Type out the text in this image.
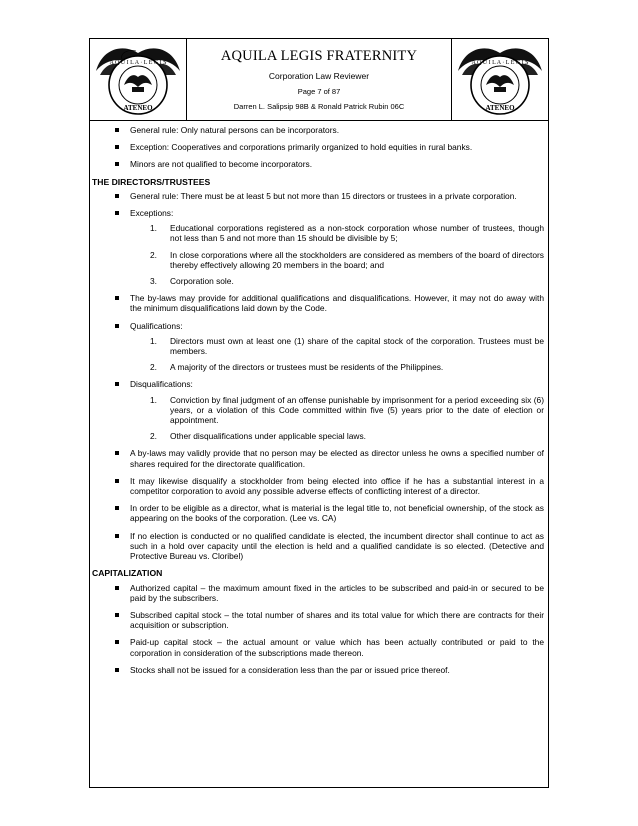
A Q U I L A · L E G I S
ATENEO
AQUILA LEGIS FRATERNITY
Corporation Law Reviewer
Page 7 of 87
Darren L. Salipsip 98B & Ronald Patrick Rubin 06C
A Q U I L A · L E G I S
ATENEO
General rule: Only natural persons can be incorporators.
Exception: Cooperatives and corporations primarily organized to hold equities in rural banks.
Minors are not qualified to become incorporators.
THE DIRECTORS/TRUSTEES
General rule: There must be at least 5 but not more than 15 directors or trustees in a private corporation.
Exceptions:
1. Educational corporations registered as a non-stock corporation whose number of trustees, though not less than 5 and not more than 15 should be divisible by 5;
2. In close corporations where all the stockholders are considered as members of the board of directors thereby effectively allowing 20 members in the board; and
3. Corporation sole.
The by-laws may provide for additional qualifications and disqualifications. However, it may not do away with the minimum disqualifications laid down by the Code.
Qualifications:
1. Directors must own at least one (1) share of the capital stock of the corporation. Trustees must be members.
2. A majority of the directors or trustees must be residents of the Philippines.
Disqualifications:
1. Conviction by final judgment of an offense punishable by imprisonment for a period exceeding six (6) years, or a violation of this Code committed within five (5) years prior to the date of election or appointment.
2. Other disqualifications under applicable special laws.
A by-laws may validly provide that no person may be elected as director unless he owns a specified number of shares required for the directorate qualification.
It may likewise disqualify a stockholder from being elected into office if he has a substantial interest in a competitor corporation to avoid any possible adverse effects of conflicting interest of a director.
In order to be eligible as a director, what is material is the legal title to, not beneficial ownership, of the stock as appearing on the books of the corporation. (Lee vs. CA)
If no election is conducted or no qualified candidate is elected, the incumbent director shall continue to act as such in a hold over capacity until the election is held and a qualified candidate is so elected. (Detective and Protective Bureau vs. Cloribel)
CAPITALIZATION
Authorized capital – the maximum amount fixed in the articles to be subscribed and paid-in or secured to be paid by the subscribers.
Subscribed capital stock – the total number of shares and its total value for which there are contracts for their acquisition or subscription.
Paid-up capital stock – the actual amount or value which has been actually contributed or paid to the corporation in consideration of the subscriptions made thereon.
Stocks shall not be issued for a consideration less than the par or issued price thereof.
